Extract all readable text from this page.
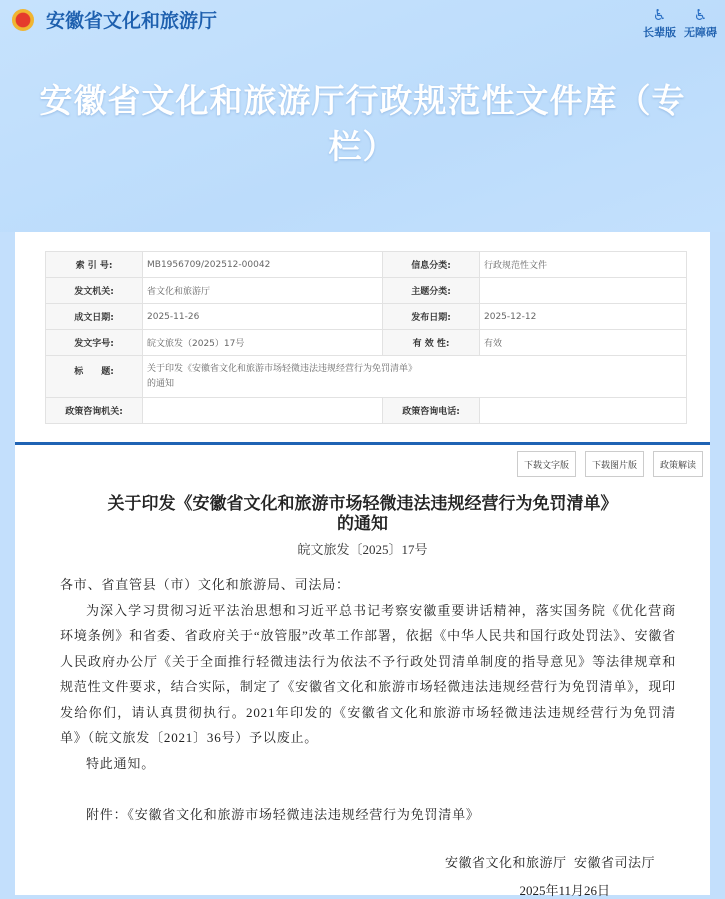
安徽省文化和旅游厅	♿︎
长辈版
♿
无障碍
安徽省文化和旅游厅行政规范性文件库（专栏）
索 引 号:	MB1956709/202512-00042	信息分类:	行政规范性文件
发文机关:	省文化和旅游厅	主题分类:	
成文日期:	2025-11-26	发布日期:	2025-12-12
发文字号:	皖文旅发（2025）17号	有 效 性:	有效
标　　题:	关于印发《安徽省文化和旅游市场轻微违法违规经营行为免罚清单》
的通知		

政策咨询机关:		政策咨询电话:	
下载文字版	下载图片版	政策解读
关于印发《安徽省文化和旅游市场轻微违法违规经营行为免罚清单》
的通知
皖文旅发〔2025〕17号

各市、省直管县（市）文化和旅游局、司法局：

为深入学习贯彻习近平法治思想和习近平总书记考察安徽重要讲话精神，落实国务院《优化营商环境条例》和省委、省政府关于“放管服”改革工作部署，依据《中华人民共和国行政处罚法》、安徽省人民政府办公厅《关于全面推行轻微违法行为依法不予行政处罚清单制度的指导意见》等法律规章和规范性文件要求，结合实际，制定了《安徽省文化和旅游市场轻微违法违规经营行为免罚清单》，现印发给你们，请认真贯彻执行。2021年印发的《安徽省文化和旅游市场轻微违法违规经营行为免罚清单》（皖文旅发〔2021〕36号）予以废止。

特此通知。

附件：《安徽省文化和旅游市场轻微违法违规经营行为免罚清单》

安徽省文化和旅游厅  安徽省司法厅
2025年11月26日
